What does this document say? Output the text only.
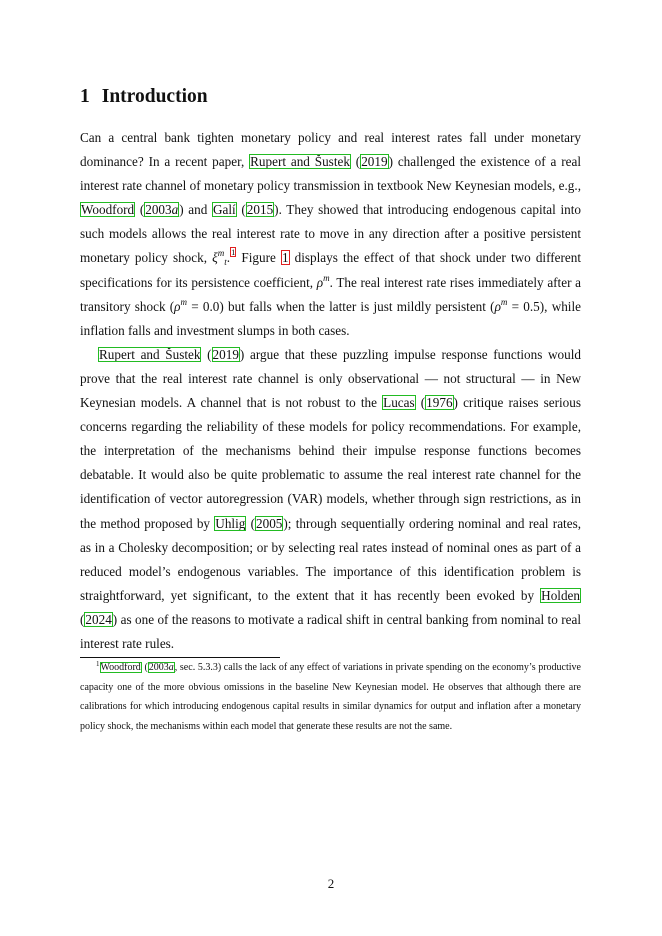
1 Introduction

Can a central bank tighten monetary policy and real interest rates fall under monetary dominance? In a recent paper, Rupert and Šustek (2019) challenged the existence of a real interest rate channel of monetary policy transmission in textbook New Keynesian models, e.g., Woodford (2003a) and Galí (2015). They showed that introducing endogenous capital into such models allows the real interest rate to move in any direction after a positive persistent monetary policy shock, $\xi^m_t.^1$ Figure 1 displays the effect of that shock under two different specifications for its persistence coefficient, $\rho^m$. The real interest rate rises immediately after a transitory shock $(\rho^m = 0.0)$ but falls when the latter is just mildly persistent $(\rho^m = 0.5)$, while inflation falls and investment slumps in both cases.

Rupert and Šustek (2019) argue that these puzzling impulse response functions would prove that the real interest rate channel is only observational — not structural — in New Keynesian models. A channel that is not robust to the Lucas (1976) critique raises serious concerns regarding the reliability of these models for policy recommendations. For example, the interpretation of the mechanisms behind their impulse response functions becomes debatable. It would also be quite problematic to assume the real interest rate channel for the identification of vector autoregression (VAR) models, whether through sign restrictions, as in the method proposed by Uhlig (2005); through sequentially ordering nominal and real rates, as in a Cholesky decomposition; or by selecting real rates instead of nominal ones as part of a reduced model’s endogenous variables. The importance of this identification problem is straightforward, yet significant, to the extent that it has recently been evoked by Holden (2024) as one of the reasons to motivate a radical shift in central banking from nominal to real interest rate rules.

$^1$Woodford (2003a, sec. 5.3.3) calls the lack of any effect of variations in private spending on the economy’s productive capacity one of the more obvious omissions in the baseline New Keynesian model. He observes that although there are calibrations for which introducing endogenous capital results in similar dynamics for output and inflation after a monetary policy shock, the mechanisms within each model that generate these results are not the same.

2
